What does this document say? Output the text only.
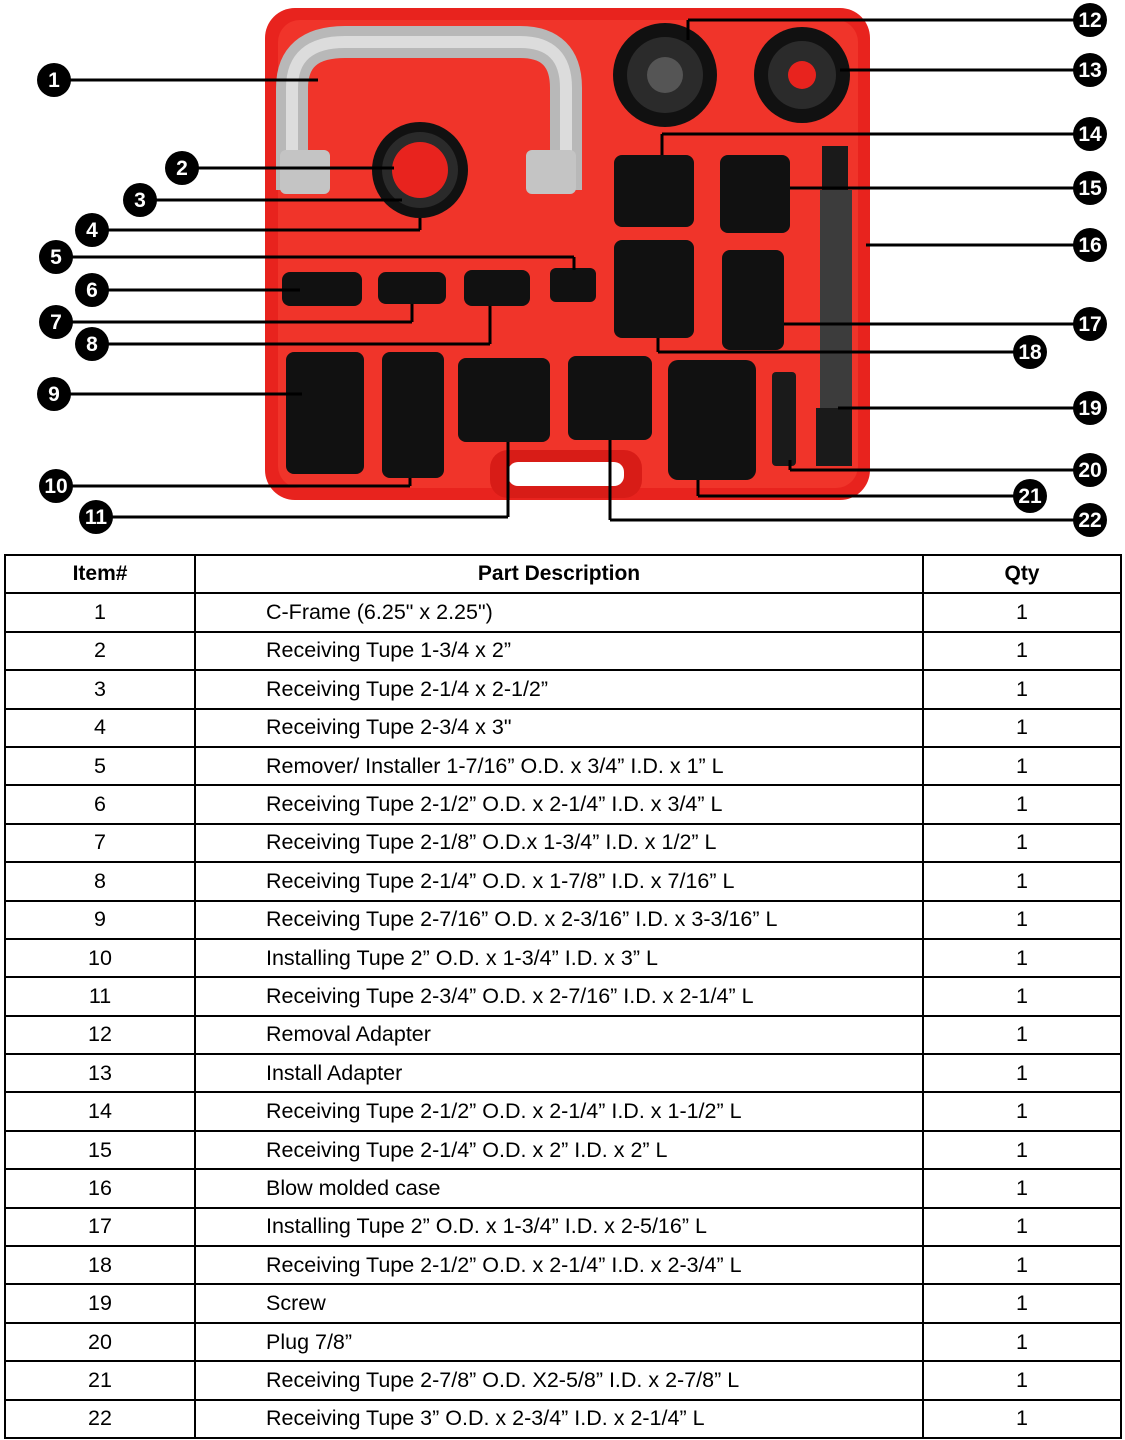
1
2
3
4
5
6
7
8
9
10
11
12
13
14
15
16
17
18
19
20
21
22
Item#	Part Description	Qty
1	C-Frame (6.25" x 2.25")	1
2	Receiving Tupe 1-3/4 x 2”	1
3	Receiving Tupe 2-1/4 x 2-1/2”	1
4	Receiving Tupe 2-3/4 x 3"	1
5	Remover/ Installer 1-7/16” O.D. x 3/4” I.D. x 1” L	1
6	Receiving Tupe 2-1/2” O.D. x 2-1/4” I.D. x 3/4” L	1
7	Receiving Tupe 2-1/8” O.D.x 1-3/4” I.D. x 1/2” L	1
8	Receiving Tupe 2-1/4” O.D. x 1-7/8” I.D. x 7/16” L	1
9	Receiving Tupe 2-7/16” O.D. x 2-3/16” I.D. x 3-3/16” L	1
10	Installing Tupe 2” O.D. x 1-3/4” I.D. x 3” L	1
11	Receiving Tupe 2-3/4” O.D. x 2-7/16” I.D. x 2-1/4” L	1
12	Removal Adapter	1
13	Install Adapter	1
14	Receiving Tupe 2-1/2” O.D. x 2-1/4” I.D. x 1-1/2” L	1
15	Receiving Tupe 2-1/4” O.D. x 2” I.D. x 2” L	1
16	Blow molded case	1
17	Installing Tupe 2” O.D. x 1-3/4” I.D. x 2-5/16” L	1
18	Receiving Tupe 2-1/2” O.D. x 2-1/4” I.D. x 2-3/4” L	1
19	Screw	1
20	Plug 7/8”	1
21	Receiving Tupe 2-7/8” O.D. X2-5/8” I.D. x 2-7/8” L	1
22	Receiving Tupe 3” O.D. x 2-3/4” I.D. x 2-1/4” L	1
